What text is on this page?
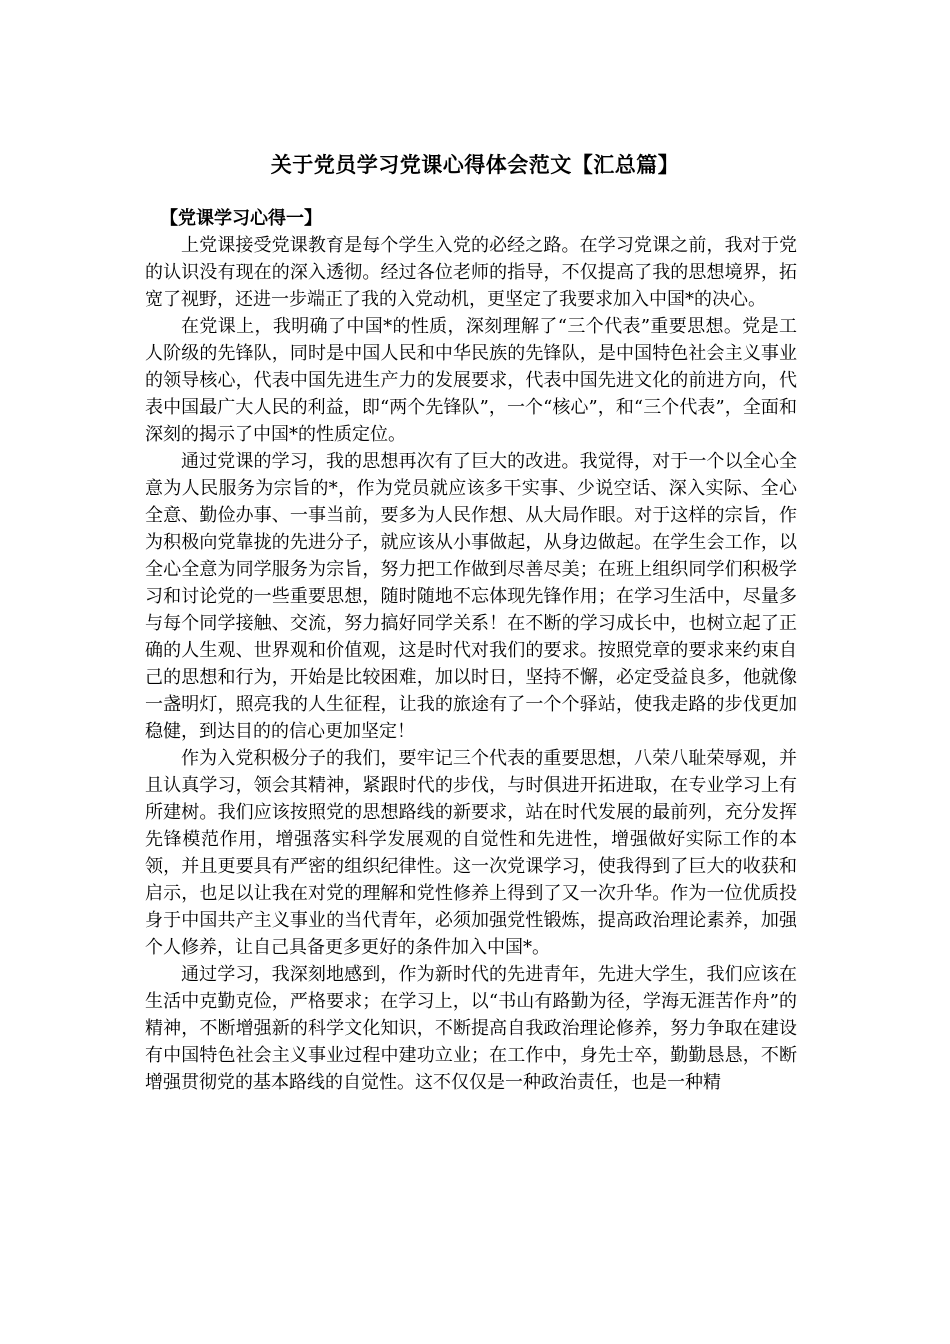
关于党员学习党课心得体会范文【汇总篇】
【党课学习心得一】

上党课接受党课教育是每个学生入党的必经之路。在学习党课之前，我对于党的认识没有现在的深入透彻。经过各位老师的指导，不仅提高了我的思想境界，拓宽了视野，还进一步端正了我的入党动机，更坚定了我要求加入中国*的决心。

在党课上，我明确了中国*的性质，深刻理解了“三个代表”重要思想。党是工人阶级的先锋队，同时是中国人民和中华民族的先锋队，是中国特色社会主义事业的领导核心，代表中国先进生产力的发展要求，代表中国先进文化的前进方向，代表中国最广大人民的利益，即“两个先锋队”，一个“核心”，和“三个代表”，全面和深刻的揭示了中国*的性质定位。

通过党课的学习，我的思想再次有了巨大的改进。我觉得，对于一个以全心全意为人民服务为宗旨的*，作为党员就应该多干实事、少说空话、深入实际、全心全意、勤俭办事、一事当前，要多为人民作想、从大局作眼。对于这样的宗旨，作为积极向党靠拢的先进分子，就应该从小事做起，从身边做起。在学生会工作，以全心全意为同学服务为宗旨，努力把工作做到尽善尽美；在班上组织同学们积极学习和讨论党的一些重要思想，随时随地不忘体现先锋作用；在学习生活中，尽量多与每个同学接触、交流，努力搞好同学关系！在不断的学习成长中，也树立起了正确的人生观、世界观和价值观，这是时代对我们的要求。按照党章的要求来约束自己的思想和行为，开始是比较困难，加以时日，坚持不懈，必定受益良多，他就像一盏明灯，照亮我的人生征程，让我的旅途有了一个个驿站，使我走路的步伐更加稳健，到达目的的信心更加坚定！

作为入党积极分子的我们，要牢记三个代表的重要思想，八荣八耻荣辱观，并且认真学习，领会其精神，紧跟时代的步伐，与时俱进开拓进取，在专业学习上有所建树。我们应该按照党的思想路线的新要求，站在时代发展的最前列，充分发挥先锋模范作用，增强落实科学发展观的自觉性和先进性，增强做好实际工作的本领，并且更要具有严密的组织纪律性。这一次党课学习，使我得到了巨大的收获和启示，也足以让我在对党的理解和党性修养上得到了又一次升华。作为一位优质投身于中国共产主义事业的当代青年，必须加强党性锻炼，提高政治理论素养，加强个人修养，让自己具备更多更好的条件加入中国*。

通过学习，我深刻地感到，作为新时代的先进青年，先进大学生，我们应该在生活中克勤克俭，严格要求；在学习上，以“书山有路勤为径，学海无涯苦作舟”的精神，不断增强新的科学文化知识，不断提高自我政治理论修养，努力争取在建设有中国特色社会主义事业过程中建功立业；在工作中，身先士卒，勤勤恳恳，不断增强贯彻党的基本路线的自觉性。这不仅仅是一种政治责任，也是一种精
